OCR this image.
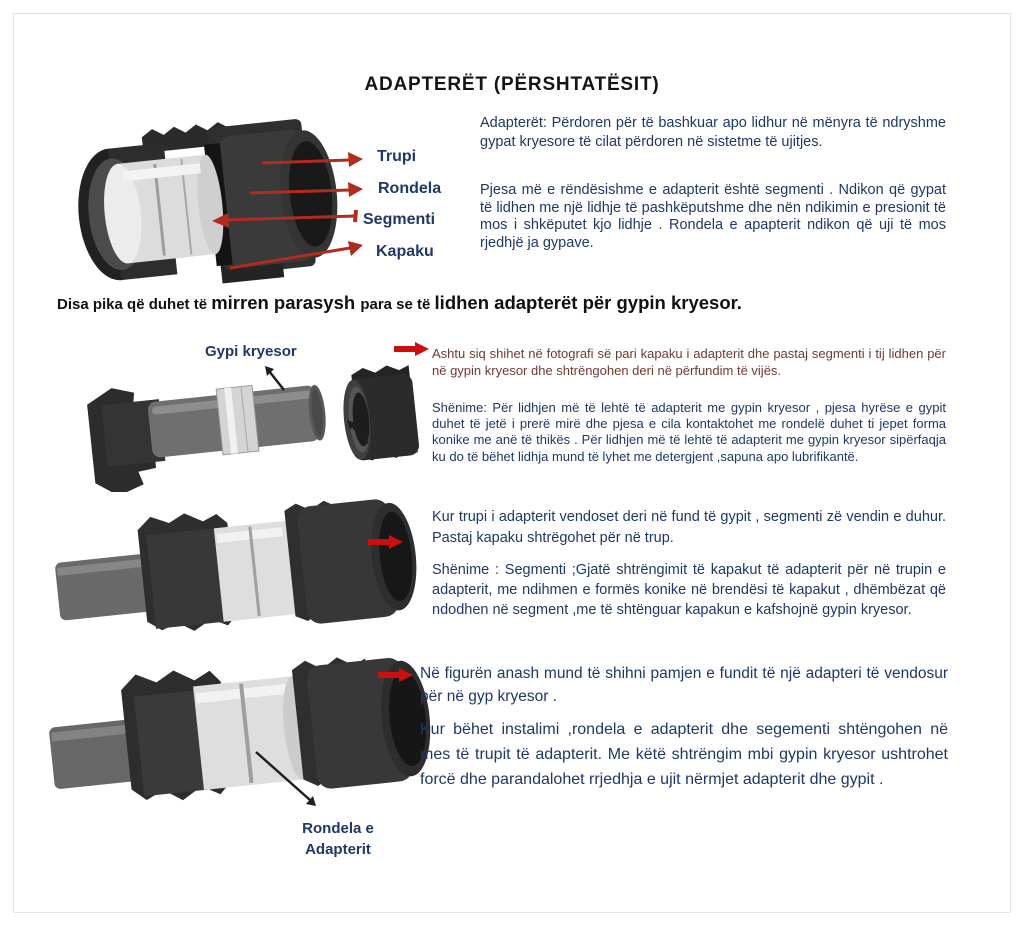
ADAPTERËT (PËRSHTATËSIT)
Trupi
Rondela
Segmenti
Kapaku
Adapterët: Përdoren për të bashkuar apo lidhur në mënyra të ndryshme gypat kryesore të cilat përdoren në sistetme të ujitjes.
Pjesa më e rëndësishme e adapterit është segmenti . Ndikon që gypat të lidhen me një lidhje të pashkëputshme dhe nën ndikimin e presionit të mos i shkëputet kjo lidhje . Rondela e apapterit ndikon që uji të mos rjedhjë ja gypave.
Disa pika që duhet të mirren parasysh para se të lidhen adapterët për gypin kryesor.
Gypi kryesor	Ashtu siq shihet në fotografi së pari kapaku i adapterit dhe pastaj segmenti i tij lidhen për në gypin kryesor dhe shtrëngohen deri në përfundim të vijës.
Shënime: Për lidhjen më të lehtë të adapterit me gypin kryesor , pjesa hyrëse e gypit duhet të jetë i prerë mirë dhe pjesa e cila kontaktohet me rondelë duhet ti jepet forma konike me anë të thikës . Për lidhjen më të lehtë të adapterit me gypin kryesor sipërfaqja ku do të bëhet lidhja mund të lyhet me detergjent ,sapuna apo lubrifikantë.
Kur trupi i adapterit vendoset deri në fund të gypit , segmenti zë vendin e duhur. Pastaj kapaku shtrëgohet për në trup.
Shënime : Segmenti ;Gjatë shtrëngimit të kapakut të adapterit për në trupin e adapterit, me ndihmen e formës konike në brendësi të kapakut , dhëmbëzat që ndodhen në segment ,me të shtënguar kapakun e kafshojnë gypin kryesor.
Në figurën anash mund të shihni pamjen e fundit të një adapteri të vendosur për në gyp kryesor .
Kur bëhet instalimi ,rondela e adapterit dhe segementi shtëngohen në mes të trupit të adapterit. Me këtë shtrëngim mbi gypin kryesor ushtrohet forcë dhe parandalohet rrjedhja e ujit nërmjet adapterit dhe gypit .
Rondela e Adapterit
